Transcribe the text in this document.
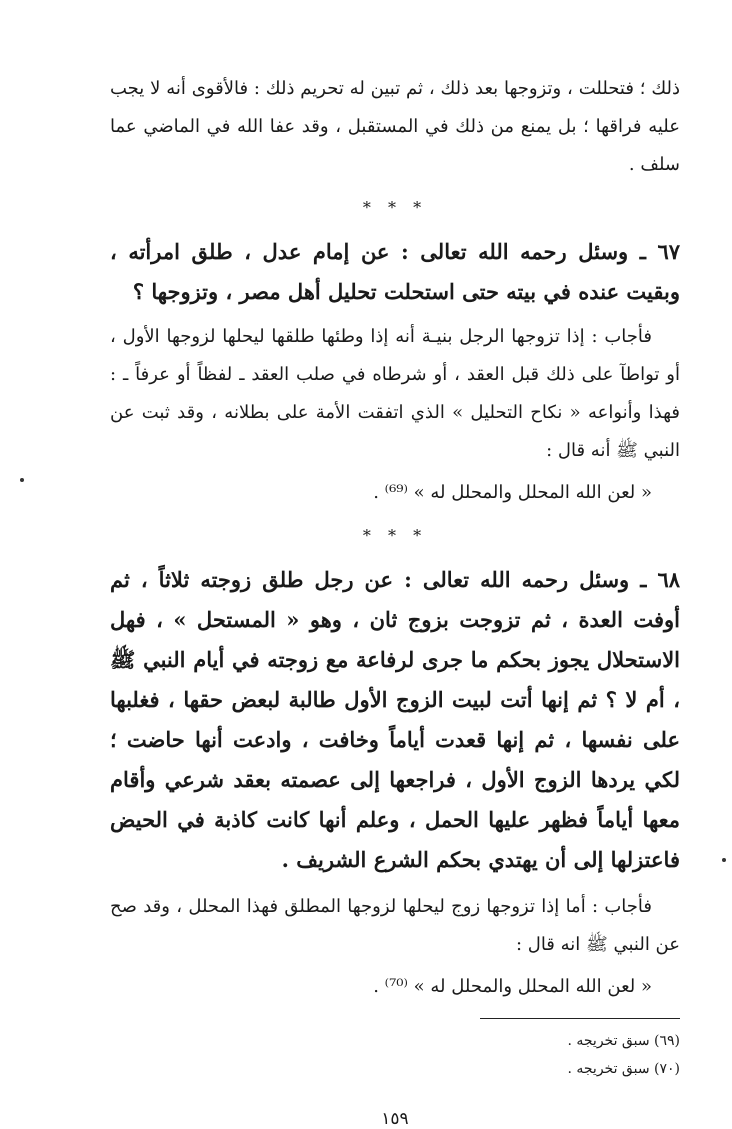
ذلك ؛ فتحللت ، وتزوجها بعد ذلك ، ثم تبين له تحريم ذلك : فالأقوى أنه لا يجب عليه فراقها ؛ بل يمنع من ذلك في المستقبل ، وقد عفا الله في الماضي عما سلف .

* * *

٦٧ ـ وسئل رحمه الله تعالى : عن إمام عدل ، طلق امرأته ، وبقيت عنده في بيته حتى استحلت تحليل أهل مصر ، وتزوجها ؟

فأجاب : إذا تزوجها الرجل بنيـة أنه إذا وطئها طلقها ليحلها لزوجها الأول ، أو تواطآ على ذلك قبل العقد ، أو شرطاه في صلب العقد ـ لفظاً أو عرفاً ـ : فهذا وأنواعه « نكاح التحليل » الذي اتفقت الأمة على بطلانه ، وقد ثبت عن النبي ﷺ أنه قال :

« لعن الله المحلل والمحلل له » ⁽⁶⁹⁾ .

* * *

٦٨ ـ وسئل رحمه الله تعالى : عن رجل طلق زوجته ثلاثاً ، ثم أوفت العدة ، ثم تزوجت بزوج ثان ، وهو « المستحل » ، فهل الاستحلال يجوز بحكم ما جرى لرفاعة مع زوجته في أيام النبي ﷺ ، أم لا ؟ ثم إنها أتت لبيت الزوج الأول طالبة لبعض حقها ، فغلبها على نفسها ، ثم إنها قعدت أياماً وخافت ، وادعت أنها حاضت ؛ لكي يردها الزوج الأول ، فراجعها إلى عصمته بعقد شرعي وأقام معها أياماً فظهر عليها الحمل ، وعلم أنها كانت كاذبة في الحيض فاعتزلها إلى أن يهتدي بحكم الشرع الشريف .

فأجاب : أما إذا تزوجها زوج ليحلها لزوجها المطلق فهذا المحلل ، وقد صح عن النبي ﷺ انه قال :

« لعن الله المحلل والمحلل له » ⁽⁷⁰⁾ .

(٦٩) سبق تخريجه .

(٧٠) سبق تخريجه .

١٥٩
